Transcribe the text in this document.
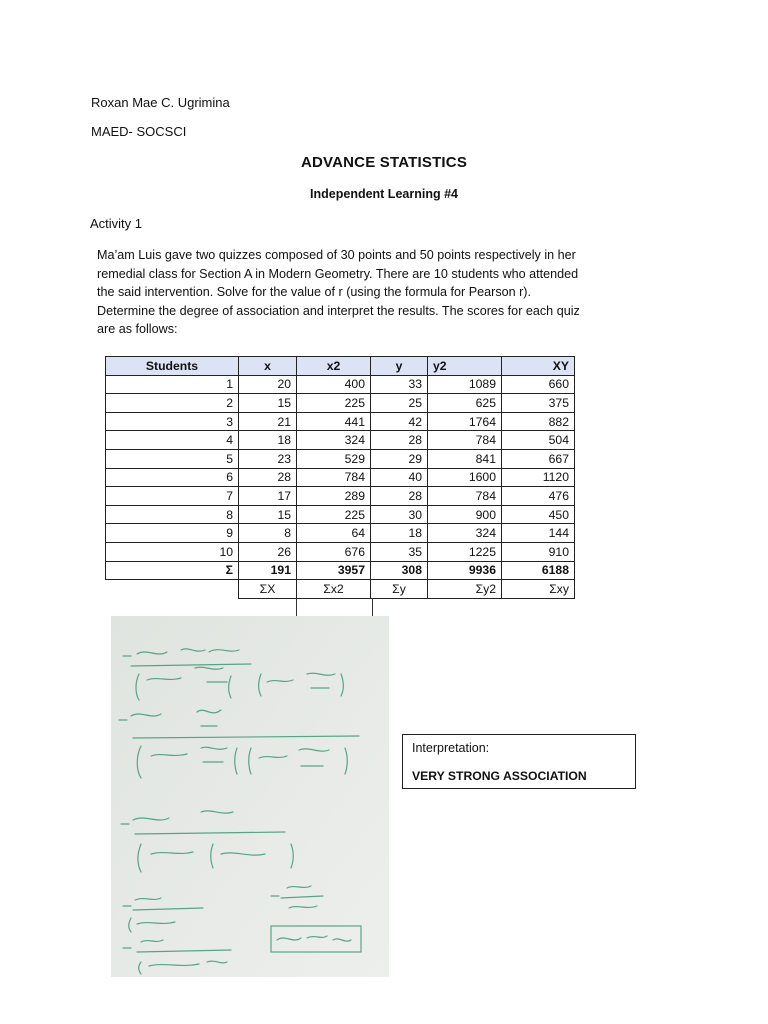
Roxan Mae C. Ugrimina
MAED- SOCSCI
ADVANCE STATISTICS
Independent Learning #4
Activity 1
Ma’am Luis gave two quizzes composed of 30 points and 50 points respectively in her
remedial class for Section A in Modern Geometry. There are 10 students who attended
the said intervention. Solve for the value of r (using the formula for Pearson r).
Determine the degree of association and interpret the results. The scores for each quiz
are as follows:
Students	x	x2	y	y2	XY
1	20	400	33	1089	660
2	15	225	25	625	375
3	21	441	42	1764	882
4	18	324	28	784	504
5	23	529	29	841	667
6	28	784	40	1600	1120
7	17	289	28	784	476
8	15	225	30	900	450
9	8	64	18	324	144
10	26	676	35	1225	910
Σ	191	3957	308	9936	6188
	ΣX	Σx2	Σy	Σy2	Σxy
Interpretation:
VERY STRONG ASSOCIATION
